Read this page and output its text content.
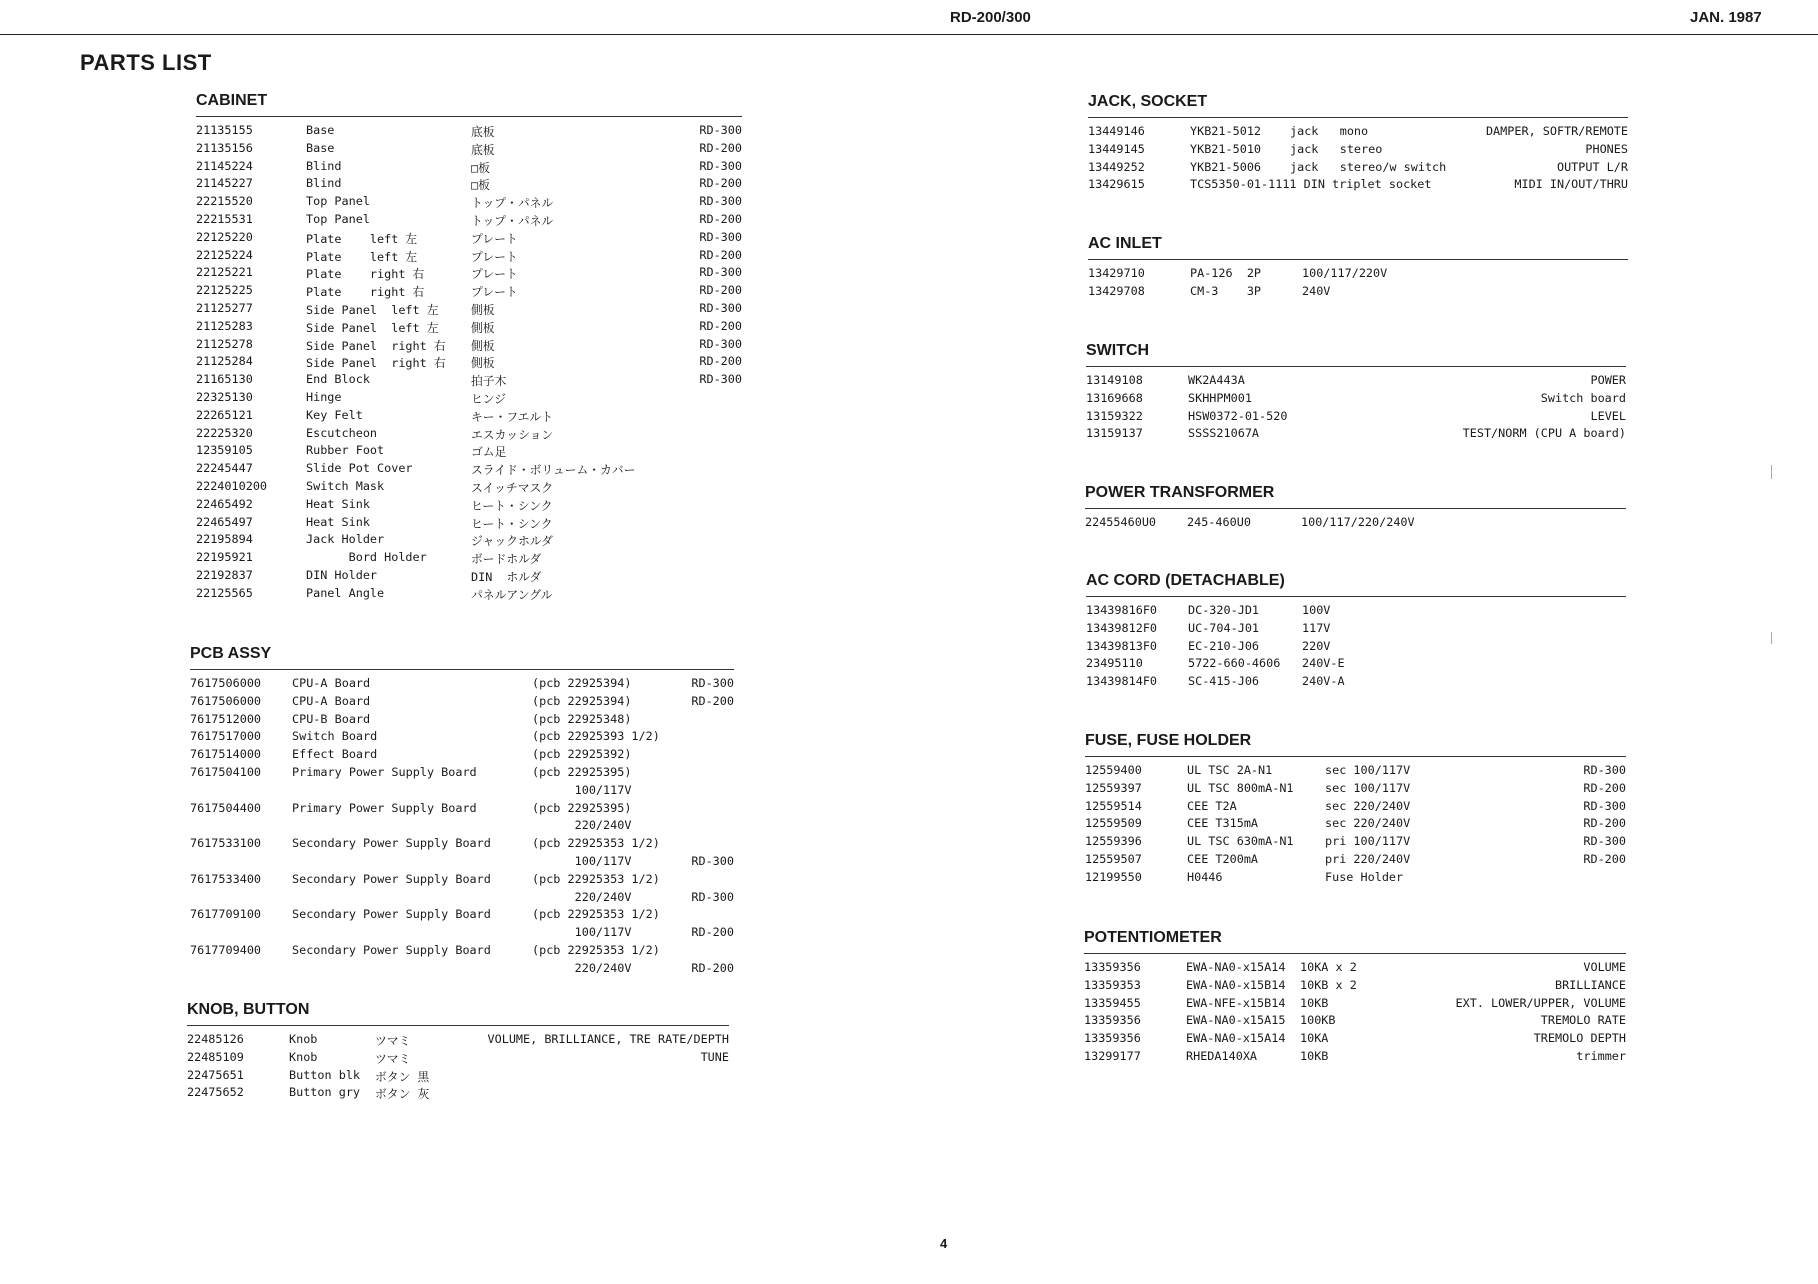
RD-200/300	JAN. 1987
PARTS LIST
CABINET
21135155	Base	底板	RD-300
21135156	Base	底板	RD-200
21145224	Blind	□板	RD-300
21145227	Blind	□板	RD-200
22215520	Top Panel	トップ・パネル	RD-300
22215531	Top Panel	トップ・パネル	RD-200
22125220	Plate    left 左	プレート	RD-300
22125224	Plate    left 左	プレート	RD-200
22125221	Plate    right 右	プレート	RD-300
22125225	Plate    right 右	プレート	RD-200
21125277	Side Panel  left 左	側板	RD-300
21125283	Side Panel  left 左	側板	RD-200
21125278	Side Panel  right 右 側板	RD-300
21125284	Side Panel  right 右 側板	RD-200
21165130	End Block	拍子木	RD-300
22325130	Hinge	ヒンジ
22265121	Key Felt	キー・フエルト
22225320	Escutcheon	エスカッション
12359105	Rubber Foot	ゴム足
22245447	Slide Pot Cover	スライド・ボリューム・カバー
2224010200	Switch Mask	スイッチマスク
22465492	Heat Sink	ヒート・シンク
22465497	Heat Sink	ヒート・シンク
22195894	Jack Holder	ジャックホルダ
22195921	Bord Holder	ボードホルダ
22192837	DIN Holder	DIN  ホルダ
22125565	Panel Angle	パネルアングル
PCB ASSY
7617506000	CPU-A Board	(pcb 22925394)	RD-300
7617506000	CPU-A Board	(pcb 22925394)	RD-200
7617512000	CPU-B Board	(pcb 22925348)
7617517000	Switch Board	(pcb 22925393 1/2)
7617514000	Effect Board	(pcb 22925392)
7617504100	Primary Power Supply Board	(pcb 22925395)
100/117V
7617504400	Primary Power Supply Board	(pcb 22925395)
220/240V
7617533100	Secondary Power Supply Board	(pcb 22925353 1/2)
100/117V	RD-300
7617533400	Secondary Power Supply Board	(pcb 22925353 1/2)
220/240V	RD-300
7617709100	Secondary Power Supply Board	(pcb 22925353 1/2)
100/117V	RD-200
7617709400	Secondary Power Supply Board	(pcb 22925353 1/2)
220/240V	RD-200
KNOB, BUTTON
22485126	Knob	ツマミ	VOLUME, BRILLIANCE, TRE RATE/DEPTH
22485109	Knob	ツマミ	TUNE
22475651	Button blk ボタン 黒
22475652	Button gry ボタン 灰
JACK, SOCKET
13449146	YKB21-5012 jack   mono	DAMPER, SOFTR/REMOTE
13449145	YKB21-5010 jack   stereo	PHONES
13449252	YKB21-5006 jack   stereo/w switch	OUTPUT L/R
13429615	TCS5350-01-1111 DIN triplet socket	MIDI IN/OUT/THRU
AC INLET
13429710	PA-126  2P	100/117/220V
13429708	CM-3    3P	240V
SWITCH
13149108	WK2A443A	POWER
13169668	SKHHPM001	Switch board
13159322	HSW0372-01-520	LEVEL
13159137	SSSS21067A	TEST/NORM (CPU A board)
POWER TRANSFORMER
22455460U0	245-460U0	100/117/220/240V
AC CORD (DETACHABLE)
13439816F0	DC-320-JD1	100V
13439812F0	UC-704-J01	117V
13439813F0	EC-210-J06	220V
23495110	5722-660-4606 240V-E
13439814F0	SC-415-J06	240V-A
FUSE, FUSE HOLDER
12559400	UL TSC 2A-N1	sec 100/117V	RD-300
12559397	UL TSC 800mA-N1	sec 100/117V	RD-200
12559514	CEE T2A	sec 220/240V	RD-300
12559509	CEE T315mA	sec 220/240V	RD-200
12559396	UL TSC 630mA-N1	pri 100/117V	RD-300
12559507	CEE T200mA	pri 220/240V	RD-200
12199550	H0446	Fuse Holder
POTENTIOMETER
13359356	EWA-NA0-x15A14 10KA x 2	VOLUME
13359353	EWA-NA0-x15B14 10KB x 2	BRILLIANCE
13359455	EWA-NFE-x15B14 10KB	EXT. LOWER/UPPER, VOLUME
13359356	EWA-NA0-x15A15 100KB	TREMOLO RATE
13359356	EWA-NA0-x15A14 10KA	TREMOLO DEPTH
13299177	RHEDA140XA	10KB	trimmer
4
